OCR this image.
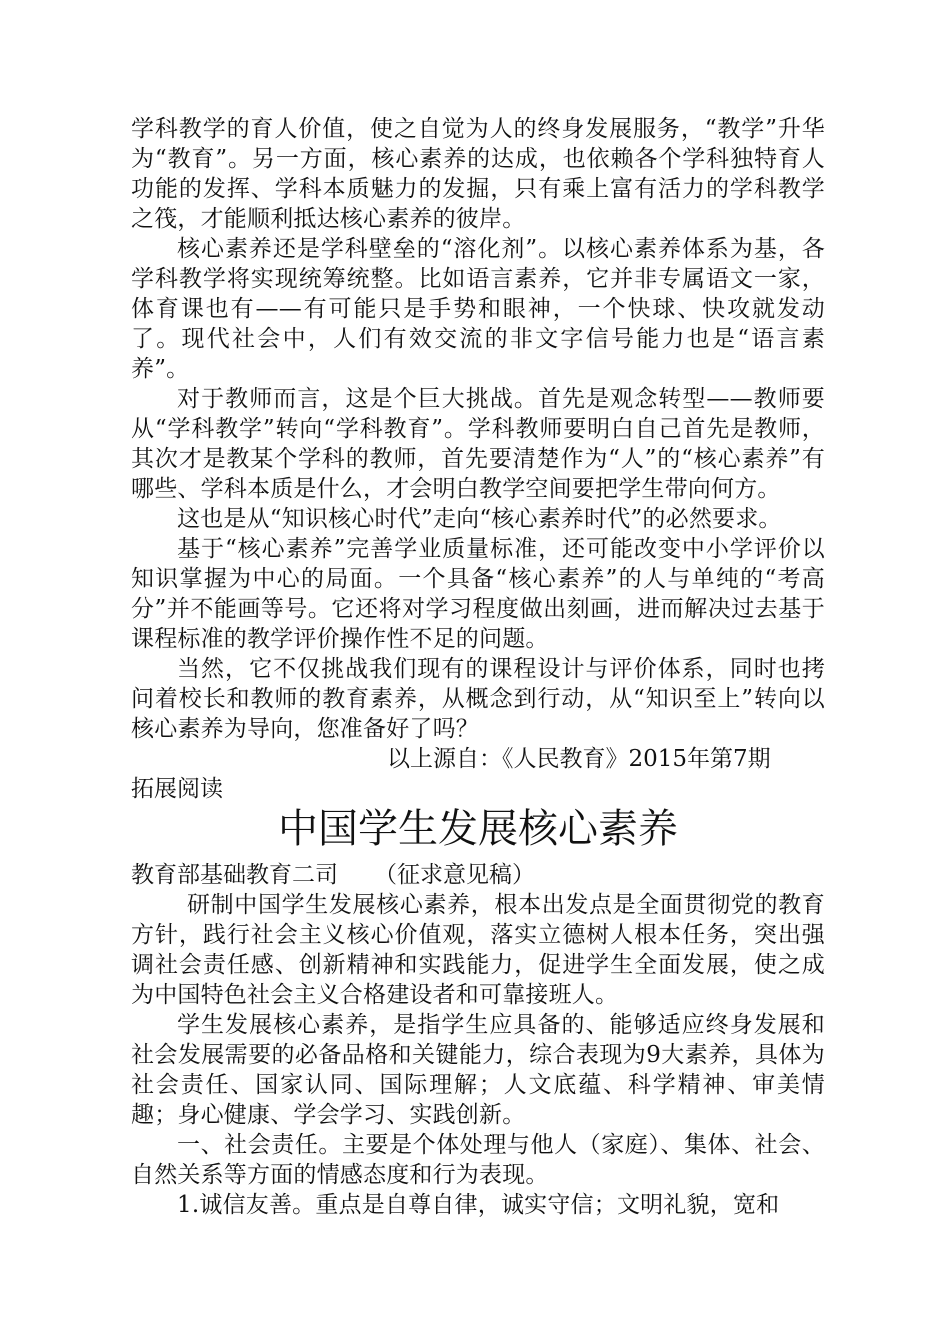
学科教学的育人价值，使之自觉为人的终身发展服务，“教学”升华为“教育”。另一方面，核心素养的达成，也依赖各个学科独特育人功能的发挥、学科本质魅力的发掘，只有乘上富有活力的学科教学之筏，才能顺利抵达核心素养的彼岸。

核心素养还是学科壁垒的“溶化剂”。以核心素养体系为基，各学科教学将实现统筹统整。比如语言素养，它并非专属语文一家，体育课也有——有可能只是手势和眼神，一个快球、快攻就发动了。现代社会中，人们有效交流的非文字信号能力也是“语言素养”。

对于教师而言，这是个巨大挑战。首先是观念转型——教师要从“学科教学”转向“学科教育”。学科教师要明白自己首先是教师，其次才是教某个学科的教师，首先要清楚作为“人”的“核心素养”有哪些、学科本质是什么，才会明白教学空间要把学生带向何方。

这也是从“知识核心时代”走向“核心素养时代”的必然要求。

基于“核心素养”完善学业质量标准，还可能改变中小学评价以知识掌握为中心的局面。一个具备“核心素养”的人与单纯的“考高分”并不能画等号。它还将对学习程度做出刻画，进而解决过去基于课程标准的教学评价操作性不足的问题。

当然，它不仅挑战我们现有的课程设计与评价体系，同时也拷问着校长和教师的教育素养，从概念到行动，从“知识至上”转向以核心素养为导向，您准备好了吗？

以上源自：《人民教育》2015年第7期

拓展阅读

中国学生发展核心素养

教育部基础教育二司 （征求意见稿）

研制中国学生发展核心素养，根本出发点是全面贯彻党的教育方针，践行社会主义核心价值观，落实立德树人根本任务，突出强调社会责任感、创新精神和实践能力，促进学生全面发展，使之成为中国特色社会主义合格建设者和可靠接班人。

学生发展核心素养，是指学生应具备的、能够适应终身发展和社会发展需要的必备品格和关键能力，综合表现为9大素养，具体为社会责任、国家认同、国际理解；人文底蕴、科学精神、审美情趣；身心健康、学会学习、实践创新。

一、社会责任。主要是个体处理与他人（家庭）、集体、社会、自然关系等方面的情感态度和行为表现。

1.诚信友善。重点是自尊自律，诚实守信；文明礼貌，宽和
